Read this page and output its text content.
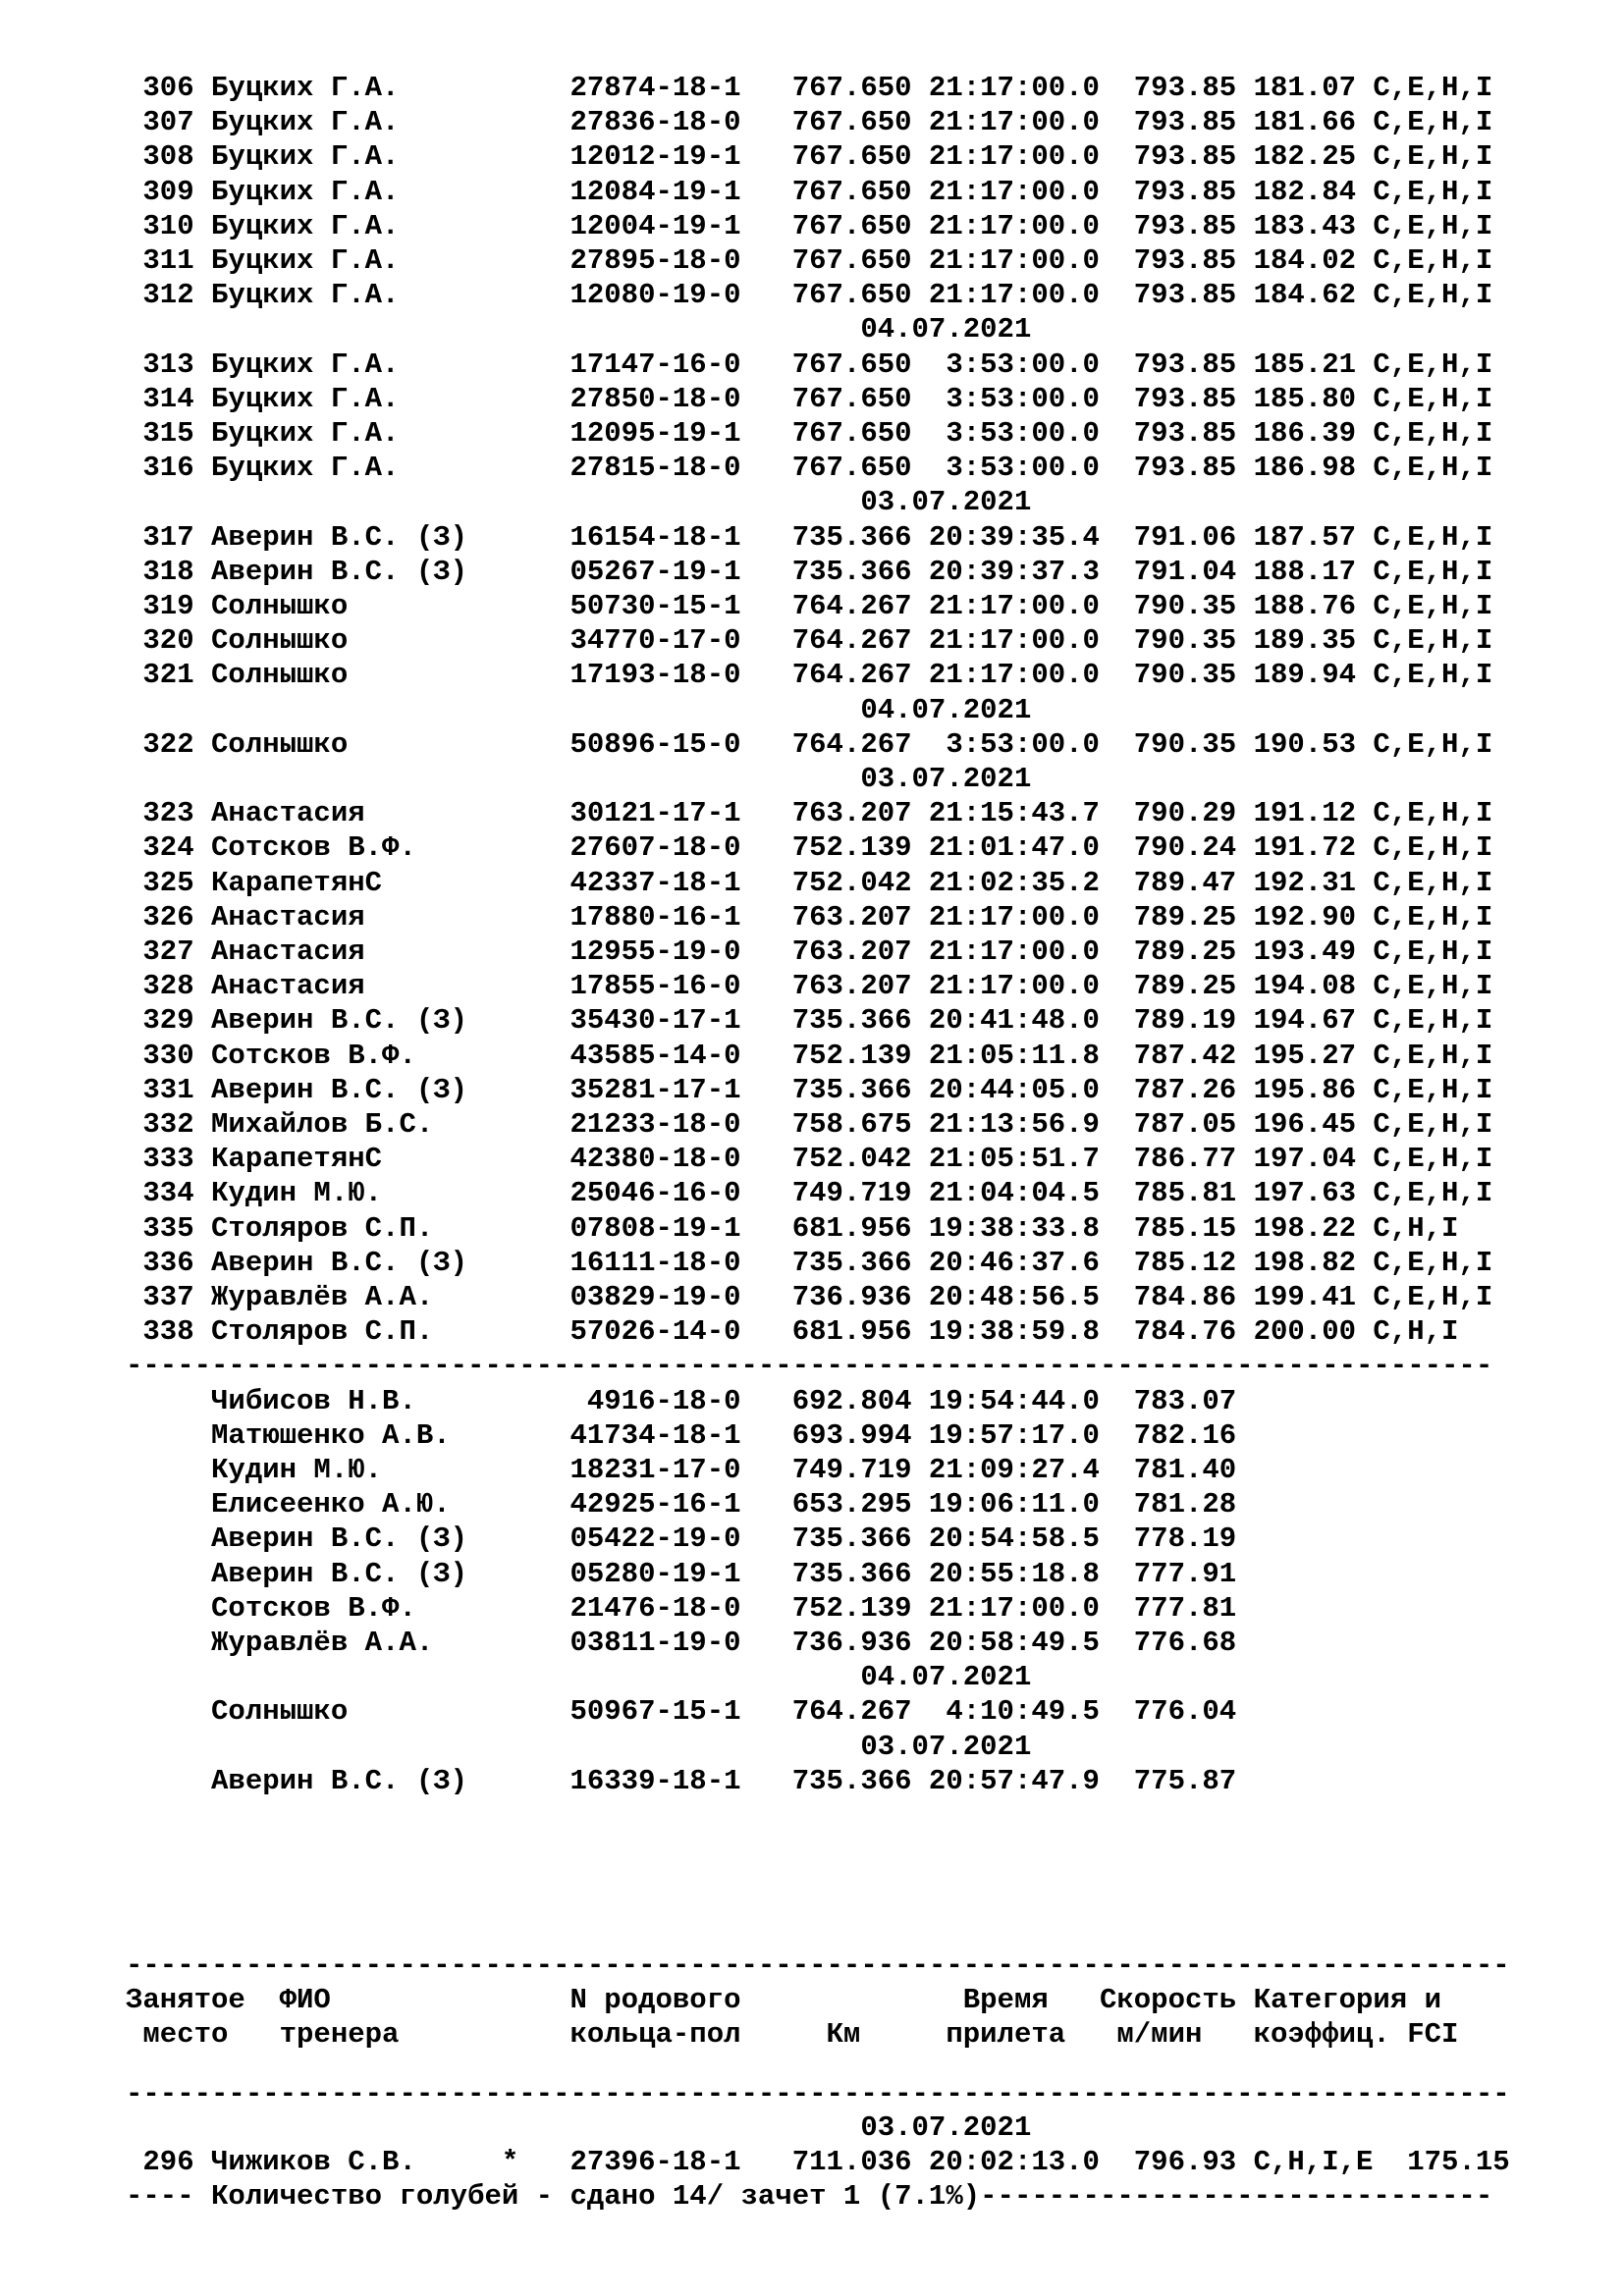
306 Буцких Г.А.          27874-18-1   767.650 21:17:00.0  793.85 181.07 C,E,H,I
307 Буцких Г.А.          27836-18-0   767.650 21:17:00.0  793.85 181.66 C,E,H,I
308 Буцких Г.А.          12012-19-1   767.650 21:17:00.0  793.85 182.25 C,E,H,I
309 Буцких Г.А.          12084-19-1   767.650 21:17:00.0  793.85 182.84 C,E,H,I
310 Буцких Г.А.          12004-19-1   767.650 21:17:00.0  793.85 183.43 C,E,H,I
311 Буцких Г.А.          27895-18-0   767.650 21:17:00.0  793.85 184.02 C,E,H,I
312 Буцких Г.А.          12080-19-0   767.650 21:17:00.0  793.85 184.62 C,E,H,I
04.07.2021
313 Буцких Г.А.          17147-16-0   767.650  3:53:00.0  793.85 185.21 C,E,H,I
314 Буцких Г.А.          27850-18-0   767.650  3:53:00.0  793.85 185.80 C,E,H,I
315 Буцких Г.А.          12095-19-1   767.650  3:53:00.0  793.85 186.39 C,E,H,I
316 Буцких Г.А.          27815-18-0   767.650  3:53:00.0  793.85 186.98 C,E,H,I
03.07.2021
317 Аверин В.С. (З)      16154-18-1   735.366 20:39:35.4  791.06 187.57 C,E,H,I
318 Аверин В.С. (З)      05267-19-1   735.366 20:39:37.3  791.04 188.17 C,E,H,I
319 Солнышко             50730-15-1   764.267 21:17:00.0  790.35 188.76 C,E,H,I
320 Солнышко             34770-17-0   764.267 21:17:00.0  790.35 189.35 C,E,H,I
321 Солнышко             17193-18-0   764.267 21:17:00.0  790.35 189.94 C,E,H,I
04.07.2021
322 Солнышко             50896-15-0   764.267  3:53:00.0  790.35 190.53 C,E,H,I
03.07.2021
323 Анастасия            30121-17-1   763.207 21:15:43.7  790.29 191.12 C,E,H,I
324 Сотсков В.Ф.         27607-18-0   752.139 21:01:47.0  790.24 191.72 C,E,H,I
325 КарапетянС           42337-18-1   752.042 21:02:35.2  789.47 192.31 C,E,H,I
326 Анастасия            17880-16-1   763.207 21:17:00.0  789.25 192.90 C,E,H,I
327 Анастасия            12955-19-0   763.207 21:17:00.0  789.25 193.49 C,E,H,I
328 Анастасия            17855-16-0   763.207 21:17:00.0  789.25 194.08 C,E,H,I
329 Аверин В.С. (З)      35430-17-1   735.366 20:41:48.0  789.19 194.67 C,E,H,I
330 Сотсков В.Ф.         43585-14-0   752.139 21:05:11.8  787.42 195.27 C,E,H,I
331 Аверин В.С. (З)      35281-17-1   735.366 20:44:05.0  787.26 195.86 C,E,H,I
332 Михайлов Б.С.        21233-18-0   758.675 21:13:56.9  787.05 196.45 C,E,H,I
333 КарапетянС           42380-18-0   752.042 21:05:51.7  786.77 197.04 C,E,H,I
334 Кудин М.Ю.           25046-16-0   749.719 21:04:04.5  785.81 197.63 C,E,H,I
335 Столяров С.П.        07808-19-1   681.956 19:38:33.8  785.15 198.22 C,H,I
336 Аверин В.С. (З)      16111-18-0   735.366 20:46:37.6  785.12 198.82 C,E,H,I
337 Журавлёв А.А.        03829-19-0   736.936 20:48:56.5  784.86 199.41 C,E,H,I
338 Столяров С.П.        57026-14-0   681.956 19:38:59.8  784.76 200.00 C,H,I
--------------------------------------------------------------------------------
Чибисов Н.В.          4916-18-0   692.804 19:54:44.0  783.07
Матюшенко А.В.       41734-18-1   693.994 19:57:17.0  782.16
Кудин М.Ю.           18231-17-0   749.719 21:09:27.4  781.40
Елисеенко А.Ю.       42925-16-1   653.295 19:06:11.0  781.28
Аверин В.С. (З)      05422-19-0   735.366 20:54:58.5  778.19
Аверин В.С. (З)      05280-19-1   735.366 20:55:18.8  777.91
Сотсков В.Ф.         21476-18-0   752.139 21:17:00.0  777.81
Журавлёв А.А.        03811-19-0   736.936 20:58:49.5  776.68
04.07.2021
Солнышко             50967-15-1   764.267  4:10:49.5  776.04
03.07.2021
Аверин В.С. (З)      16339-18-1   735.366 20:57:47.9  775.87
---------------------------------------------------------------------------------
Занятое  ФИО              N родового             Время   Скорость Категория и
место   тренера          кольца-пол     Км     прилета   м/мин   коэффиц. FCI
---------------------------------------------------------------------------------
03.07.2021
296 Чижиков С.В.     *   27396-18-1   711.036 20:02:13.0  796.93 C,H,I,E  175.15
---- Количество голубей - сдано 14/ зачет 1 (7.1%)------------------------------
